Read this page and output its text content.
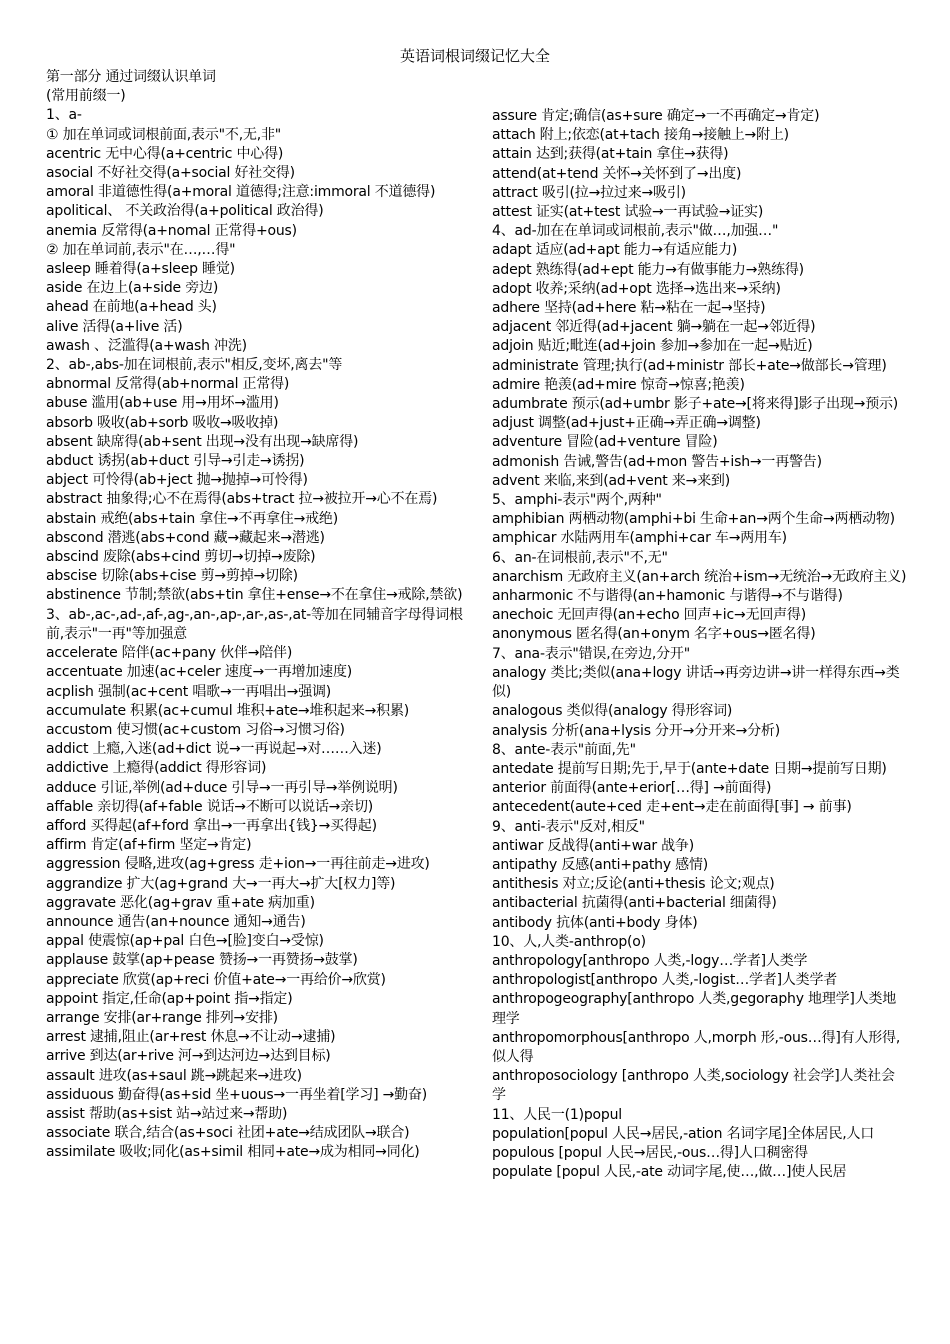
英语词根词缀记忆大全
第一部分 通过词缀认识单词
(常用前缀一)
1、a-
① 加在单词或词根前面,表示"不,无,非"
acentric 无中心得(a+centric 中心得)
asocial 不好社交得(a+social 好社交得)
amoral 非道德性得(a+moral 道德得;注意:immoral 不道德得)
apolitical、 不关政治得(a+political 政治得)
anemia 反常得(a+nomal 正常得+ous)
② 加在单词前,表示"在…,…得"
asleep 睡着得(a+sleep 睡觉)
aside 在边上(a+side 旁边)
ahead 在前地(a+head 头)
alive 活得(a+live 活)
awash 、泛滥得(a+wash 冲洗)
2、ab-,abs-加在词根前,表示"相反,变坏,离去"等
abnormal 反常得(ab+normal 正常得)
abuse 滥用(ab+use 用→用坏→滥用)
absorb 吸收(ab+sorb 吸收→吸收掉)
absent 缺席得(ab+sent 出现→没有出现→缺席得)
abduct 诱拐(ab+duct 引导→引走→诱拐)
abject 可怜得(ab+ject 抛→抛掉→可怜得)
abstract 抽象得;心不在焉得(abs+tract 拉→被拉开→心不在焉)
abstain 戒绝(abs+tain 拿住→不再拿住→戒绝)
abscond 潜逃(abs+cond 藏→藏起来→潜逃)
abscind 废除(abs+cind 剪切→切掉→废除)
abscise 切除(abs+cise 剪→剪掉→切除)
abstinence 节制;禁欲(abs+tin 拿住+ense→不在拿住→戒除,禁欲)
3、ab-,ac-,ad-,af-,ag-,an-,ap-,ar-,as-,at-等加在同辅音字母得词根前,表示"一再"等加强意
accelerate 陪伴(ac+pany 伙伴→陪伴)
accentuate 加速(ac+celer 速度→一再增加速度)
acplish 强制(ac+cent 唱歌→一再唱出→强调)
accumulate 积累(ac+cumul 堆积+ate→堆积起来→积累)
accustom 使习惯(ac+custom 习俗→习惯习俗)
addict 上瘾,入迷(ad+dict 说→一再说起→对……入迷)
addictive 上瘾得(addict 得形容词)
adduce 引证,举例(ad+duce 引导→一再引导→举例说明)
affable 亲切得(af+fable 说话→不断可以说话→亲切)
afford 买得起(af+ford 拿出→一再拿出{钱}→买得起)
affirm 肯定(af+firm 坚定→肯定)
aggression 侵略,进攻(ag+gress 走+ion→一再往前走→进攻)
aggrandize 扩大(ag+grand 大→一再大→扩大[权力]等)
aggravate 恶化(ag+grav 重+ate 病加重)
announce 通告(an+nounce 通知→通告)
appal 使震惊(ap+pal 白色→[脸]变白→受惊)
applause 鼓掌(ap+pease 赞扬→一再赞扬→鼓掌)
appreciate 欣赏(ap+reci 价值+ate→一再给价→欣赏)
appoint 指定,任命(ap+point 指→指定)
arrange 安排(ar+range 排列→安排)
arrest 逮捕,阻止(ar+rest 休息→不让动→逮捕)
arrive 到达(ar+rive 河→到达河边→达到目标)
assault 进攻(as+saul 跳→跳起来→进攻)
assiduous 勤奋得(as+sid 坐+uous→一再坐着[学习] →勤奋)
assist 帮助(as+sist 站→站过来→帮助)
associate 联合,结合(as+soci 社团+ate→结成团队→联合)
assimilate 吸收;同化(as+simil 相同+ate→成为相同→同化)
assure 肯定;确信(as+sure 确定→一不再确定→肯定)
attach 附上;依恋(at+tach 接角→接触上→附上)
attain 达到;获得(at+tain 拿住→获得)
attend(at+tend 关怀→关怀到了→出度)
attract 吸引(拉→拉过来→吸引)
attest 证实(at+test 试验→一再试验→证实)
4、ad-加在在单词或词根前,表示"做…,加强…"
adapt 适应(ad+apt 能力→有适应能力)
adept 熟练得(ad+ept 能力→有做事能力→熟练得)
adopt 收养;采纳(ad+opt 选择→选出来→采纳)
adhere 坚持(ad+here 粘→粘在一起→坚持)
adjacent 邻近得(ad+jacent 躺→躺在一起→邻近得)
adjoin 贴近;毗连(ad+join 参加→参加在一起→贴近)
administrate 管理;执行(ad+ministr 部长+ate→做部长→管理)
admire 艳羡(ad+mire 惊奇→惊喜;艳羡)
adumbrate 预示(ad+umbr 影子+ate→[将来得]影子出现→预示)
adjust 调整(ad+just+正确→弄正确→调整)
adventure 冒险(ad+venture 冒险)
admonish 告诫,警告(ad+mon 警告+ish→一再警告)
advent 来临,来到(ad+vent 来→来到)
5、amphi-表示"两个,两种"
amphibian 两栖动物(amphi+bi 生命+an→两个生命→两栖动物)
amphicar 水陆两用车(amphi+car 车→两用车)
6、an-在词根前,表示"不,无"
anarchism 无政府主义(an+arch 统治+ism→无统治→无政府主义)
anharmonic 不与谐得(an+hamonic 与谐得→不与谐得)
anechoic 无回声得(an+echo 回声+ic→无回声得)
anonymous 匿名得(an+onym 名字+ous→匿名得)
7、ana-表示"错误,在旁边,分开"
analogy 类比;类似(ana+logy 讲话→再旁边讲→讲一样得东西→类似)
analogous 类似得(analogy 得形容词)
analysis 分析(ana+lysis 分开→分开来→分析)
8、ante-表示"前面,先"
antedate 提前写日期;先于,早于(ante+date 日期→提前写日期)
anterior 前面得(ante+erior[…得] →前面得)
antecedent(aute+ced 走+ent→走在前面得[事] → 前事)
9、anti-表示"反对,相反"
antiwar 反战得(anti+war 战争)
antipathy 反感(anti+pathy 感情)
antithesis 对立;反论(anti+thesis 论文;观点)
antibacterial 抗菌得(anti+bacterial 细菌得)
antibody 抗体(anti+body 身体)
10、人,人类-anthrop(o)
anthropology[anthropo 人类,-logy…学者]人类学
anthropologist[anthropo 人类,-logist…学者]人类学者
anthropogeography[anthropo 人类,gegoraphy 地理学]人类地理学
anthropomorphous[anthropo 人,morph 形,-ous…得]有人形得,似人得
anthroposociology [anthropo 人类,sociology 社会学]人类社会学
11、人民一(1)popul
population[popul 人民→居民,-ation 名词字尾]全体居民,人口
populous [popul 人民→居民,-ous…得]人口稠密得
populate [popul 人民,-ate 动词字尾,使…,做…]使人民居
